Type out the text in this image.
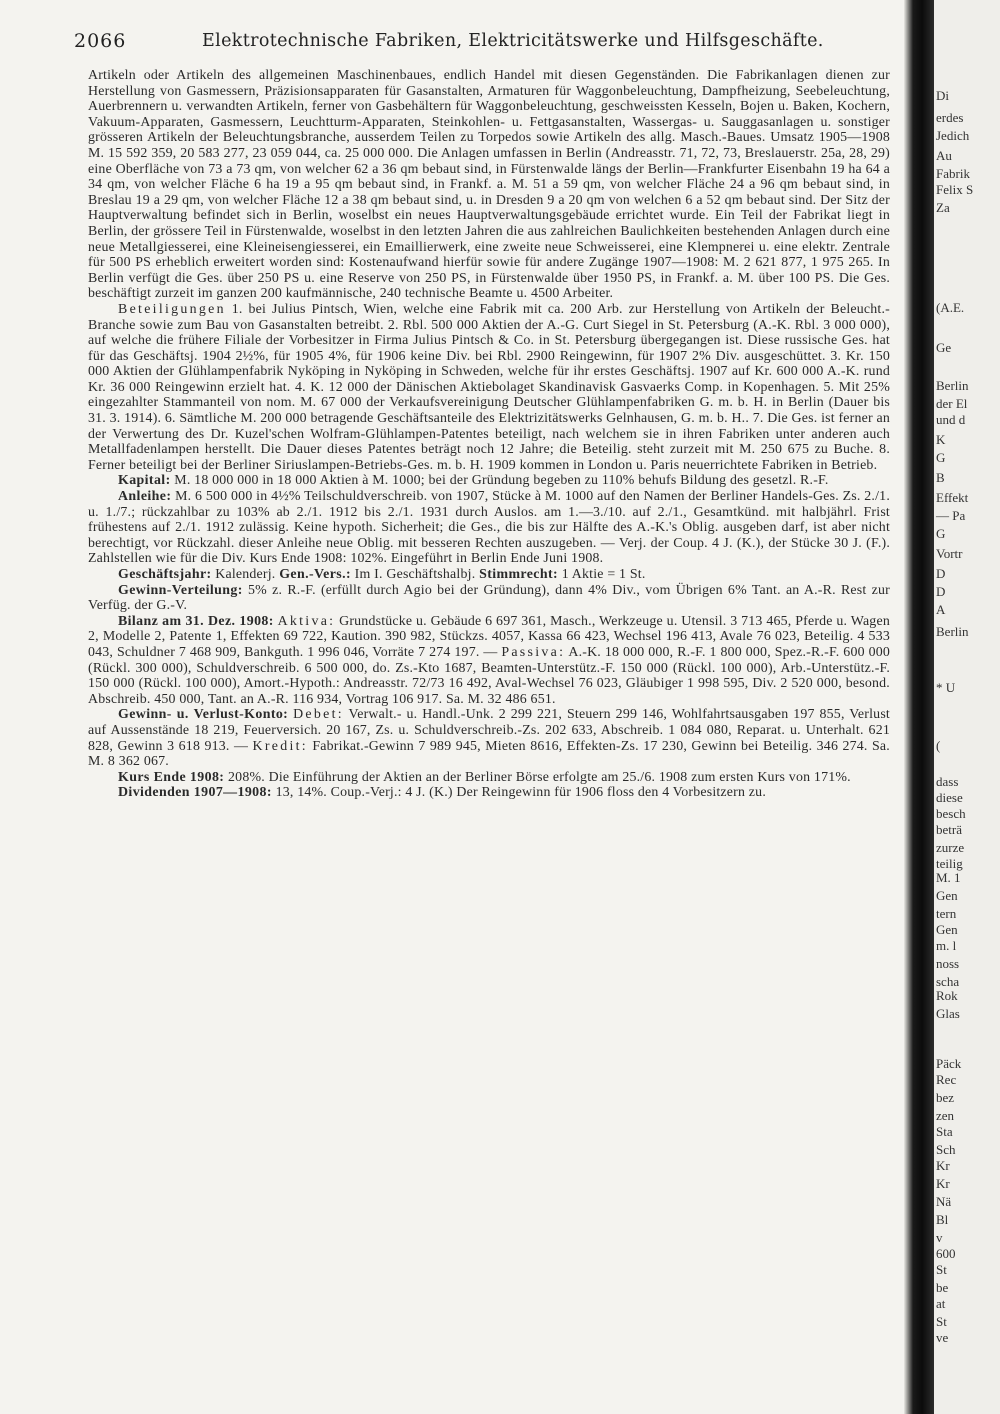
2066	Elektrotechnische Fabriken, Elektricitätswerke und Hilfsgeschäfte.

Artikeln oder Artikeln des allgemeinen Maschinenbaues, endlich Handel mit diesen Gegenständen. Die Fabrikanlagen dienen zur Herstellung von Gasmessern, Präzisionsapparaten für Gasanstalten, Armaturen für Waggonbeleuchtung, Dampfheizung, Seebeleuchtung, Auerbrennern u. verwandten Artikeln, ferner von Gasbehältern für Waggonbeleuchtung, geschweissten Kesseln, Bojen u. Baken, Kochern, Vakuum-Apparaten, Gasmessern, Leuchtturm-Apparaten, Steinkohlen- u. Fettgasanstalten, Wassergas- u. Sauggasanlagen u. sonstiger grösseren Artikeln der Beleuchtungsbranche, ausserdem Teilen zu Torpedos sowie Artikeln des allg. Masch.-Baues. Umsatz 1905—1908 M. 15 592 359, 20 583 277, 23 059 044, ca. 25 000 000. Die Anlagen umfassen in Berlin (Andreasstr. 71, 72, 73, Breslauerstr. 25a, 28, 29) eine Oberfläche von 73 a 73 qm, von welcher 62 a 36 qm bebaut sind, in Fürstenwalde längs der Berlin—Frankfurter Eisenbahn 19 ha 64 a 34 qm, von welcher Fläche 6 ha 19 a 95 qm bebaut sind, in Frankf. a. M. 51 a 59 qm, von welcher Fläche 24 a 96 qm bebaut sind, in Breslau 19 a 29 qm, von welcher Fläche 12 a 38 qm bebaut sind, u. in Dresden 9 a 20 qm von welchen 6 a 52 qm bebaut sind. Der Sitz der Hauptverwaltung befindet sich in Berlin, woselbst ein neues Hauptverwaltungsgebäude errichtet wurde. Ein Teil der Fabrikat liegt in Berlin, der grössere Teil in Fürstenwalde, woselbst in den letzten Jahren die aus zahlreichen Baulichkeiten bestehenden Anlagen durch eine neue Metallgiesserei, eine Kleineisengiesserei, ein Emaillierwerk, eine zweite neue Schweisserei, eine Klempnerei u. eine elektr. Zentrale für 500 PS erheblich erweitert worden sind: Kostenaufwand hierfür sowie für andere Zugänge 1907—1908: M. 2 621 877, 1 975 265. In Berlin verfügt die Ges. über 250 PS u. eine Reserve von 250 PS, in Fürstenwalde über 1950 PS, in Frankf. a. M. über 100 PS. Die Ges. beschäftigt zurzeit im ganzen 200 kaufmännische, 240 technische Beamte u. 4500 Arbeiter.

Beteiligungen 1. bei Julius Pintsch, Wien, welche eine Fabrik mit ca. 200 Arb. zur Herstellung von Artikeln der Beleucht.-Branche sowie zum Bau von Gasanstalten betreibt. 2. Rbl. 500 000 Aktien der A.-G. Curt Siegel in St. Petersburg (A.-K. Rbl. 3 000 000), auf welche die frühere Filiale der Vorbesitzer in Firma Julius Pintsch & Co. in St. Petersburg übergegangen ist. Diese russische Ges. hat für das Geschäftsj. 1904 2½%, für 1905 4%, für 1906 keine Div. bei Rbl. 2900 Reingewinn, für 1907 2% Div. ausgeschüttet. 3. Kr. 150 000 Aktien der Glühlampenfabrik Nyköping in Nyköping in Schweden, welche für ihr erstes Geschäftsj. 1907 auf Kr. 600 000 A.-K. rund Kr. 36 000 Reingewinn erzielt hat. 4. K. 12 000 der Dänischen Aktiebolaget Skandinavisk Gasvaerks Comp. in Kopenhagen. 5. Mit 25% eingezahlter Stammanteil von nom. M. 67 000 der Verkaufsvereinigung Deutscher Glühlampenfabriken G. m. b. H. in Berlin (Dauer bis 31. 3. 1914). 6. Sämtliche M. 200 000 betragende Geschäftsanteile des Elektrizitätswerks Gelnhausen, G. m. b. H.. 7. Die Ges. ist ferner an der Verwertung des Dr. Kuzel'schen Wolfram-Glühlampen-Patentes beteiligt, nach welchem sie in ihren Fabriken unter anderen auch Metallfadenlampen herstellt. Die Dauer dieses Patentes beträgt noch 12 Jahre; die Beteilig. steht zurzeit mit M. 250 675 zu Buche. 8. Ferner beteiligt bei der Berliner Siriuslampen-Betriebs-Ges. m. b. H. 1909 kommen in London u. Paris neuerrichtete Fabriken in Betrieb.

Kapital: M. 18 000 000 in 18 000 Aktien à M. 1000; bei der Gründung begeben zu 110% behufs Bildung des gesetzl. R.-F.

Anleihe: M. 6 500 000 in 4½% Teilschuldverschreib. von 1907, Stücke à M. 1000 auf den Namen der Berliner Handels-Ges. Zs. 2./1. u. 1./7.; rückzahlbar zu 103% ab 2./1. 1912 bis 2./1. 1931 durch Auslos. am 1.—3./10. auf 2./1., Gesamtkünd. mit halbjährl. Frist frühestens auf 2./1. 1912 zulässig. Keine hypoth. Sicherheit; die Ges., die bis zur Hälfte des A.-K.'s Oblig. ausgeben darf, ist aber nicht berechtigt, vor Rückzahl. dieser Anleihe neue Oblig. mit besseren Rechten auszugeben. — Verj. der Coup. 4 J. (K.), der Stücke 30 J. (F.). Zahlstellen wie für die Div. Kurs Ende 1908: 102%. Eingeführt in Berlin Ende Juni 1908.

Geschäftsjahr: Kalenderj. Gen.-Vers.: Im I. Geschäftshalbj. Stimmrecht: 1 Aktie = 1 St.

Gewinn-Verteilung: 5% z. R.-F. (erfüllt durch Agio bei der Gründung), dann 4% Div., vom Übrigen 6% Tant. an A.-R. Rest zur Verfüg. der G.-V.

Bilanz am 31. Dez. 1908: Aktiva: Grundstücke u. Gebäude 6 697 361, Masch., Werkzeuge u. Utensil. 3 713 465, Pferde u. Wagen 2, Modelle 2, Patente 1, Effekten 69 722, Kaution. 390 982, Stückzs. 4057, Kassa 66 423, Wechsel 196 413, Avale 76 023, Beteilig. 4 533 043, Schuldner 7 468 909, Bankguth. 1 996 046, Vorräte 7 274 197. — Passiva: A.-K. 18 000 000, R.-F. 1 800 000, Spez.-R.-F. 600 000 (Rückl. 300 000), Schuldverschreib. 6 500 000, do. Zs.-Kto 1687, Beamten-Unterstütz.-F. 150 000 (Rückl. 100 000), Arb.-Unterstütz.-F. 150 000 (Rückl. 100 000), Amort.-Hypoth.: Andreasstr. 72/73 16 492, Aval-Wechsel 76 023, Gläubiger 1 998 595, Div. 2 520 000, besond. Abschreib. 450 000, Tant. an A.-R. 116 934, Vortrag 106 917. Sa. M. 32 486 651.

Gewinn- u. Verlust-Konto: Debet: Verwalt.- u. Handl.-Unk. 2 299 221, Steuern 299 146, Wohlfahrtsausgaben 197 855, Verlust auf Aussenstände 18 219, Feuerversich. 20 167, Zs. u. Schuldverschreib.-Zs. 202 633, Abschreib. 1 084 080, Reparat. u. Unterhalt. 621 828, Gewinn 3 618 913. — Kredit: Fabrikat.-Gewinn 7 989 945, Mieten 8616, Effekten-Zs. 17 230, Gewinn bei Beteilig. 346 274. Sa. M. 8 362 067.

Kurs Ende 1908: 208%. Die Einführung der Aktien an der Berliner Börse erfolgte am 25./6. 1908 zum ersten Kurs von 171%.

Dividenden 1907—1908: 13, 14%. Coup.-Verj.: 4 J. (K.) Der Reingewinn für 1906 floss den 4 Vorbesitzern zu.

Di
erdes
Jedich
Au
Fabrik
Felix S
Za
(A.E.
Ge
Berlin
der El
und d
K
G
B
Effekt
— Pa
G
Vortr
D
D
A
Berlin
* U
(
dass
diese
besch
beträ
zurze
teilig
M. 1
Gen
tern
Gen
m. l
noss
scha
Rok
Glas
Päck
Rec
bez
zen
Sta
Sch
Kr
Kr
Nä
Bl
v
600
St
be
at
St
ve
